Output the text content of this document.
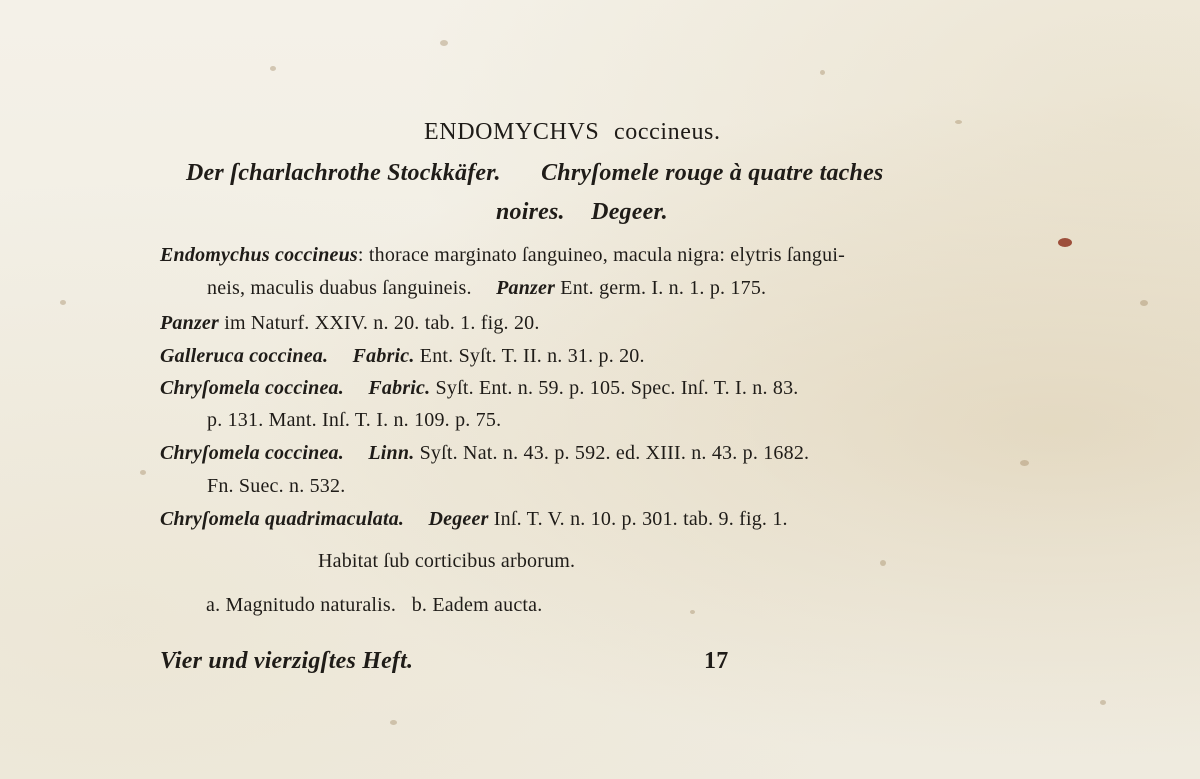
ENDOMYCHVS coccineus.
Der ſcharlachrothe Stockkäfer. Chryſomele rouge à quatre taches
noires. Degeer.
Endomychus coccineus: thorace marginato ſanguineo, macula nigra: elytris ſangui-
neis, maculis duabus ſanguineis. Panzer Ent. germ. I. n. 1. p. 175.
Panzer im Naturf. XXIV. n. 20. tab. 1. fig. 20.
Galleruca coccinea. Fabric. Ent. Syſt. T. II. n. 31. p. 20.
Chryſomela coccinea. Fabric. Syſt. Ent. n. 59. p. 105. Spec. Inſ. T. I. n. 83.
p. 131. Mant. Inſ. T. I. n. 109. p. 75.
Chryſomela coccinea. Linn. Syſt. Nat. n. 43. p. 592. ed. XIII. n. 43. p. 1682.
Fn. Suec. n. 532.
Chryſomela quadrimaculata. Degeer Inſ. T. V. n. 10. p. 301. tab. 9. fig. 1.
Habitat ſub corticibus arborum.
a. Magnitudo naturalis.   b. Eadem aucta.
Vier und vierzigſtes Heft.	17
